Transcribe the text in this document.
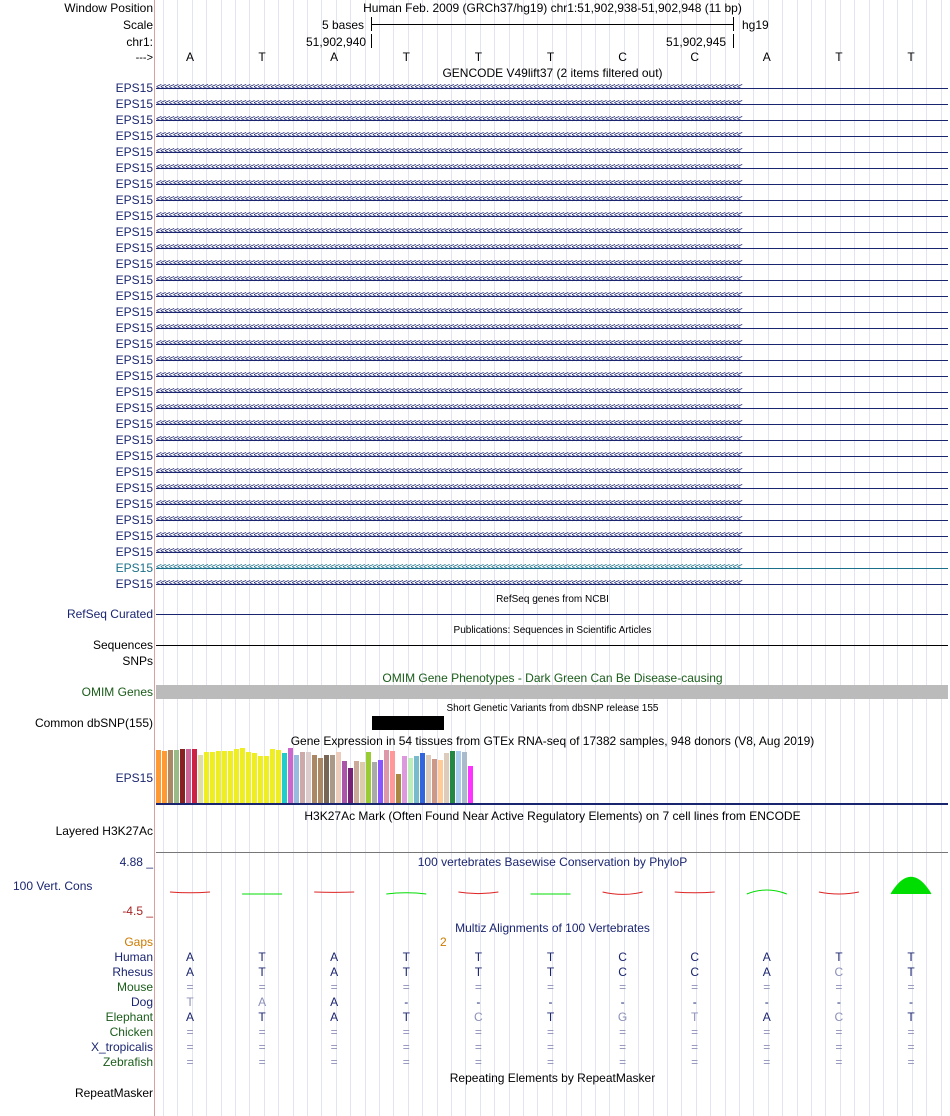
Window Position
Scale
chr1:
--->
Human Feb. 2009 (GRCh37/hg19) chr1:51,902,938-51,902,948 (11 bp)
5 bases	hg19
51,902,940	51,902,945
A	T	A	T	T	T	C	C	A	T	T
GENCODE V49lift37 (2 items filtered out)
EPS15 <<<<<<<<<<<<<<<<<<<<<<<<<<<<<<<<<<<<<<<<<<<<<<<<<<<<<<<<<<<<<<<<<<<<<<<<<<<<<<<<<<<<<<<<<<<<<<<<<<<<<<<<<<<<<<<<<<<<<<<<<<<<<<<<<<<<<<<<<<
EPS15 <<<<<<<<<<<<<<<<<<<<<<<<<<<<<<<<<<<<<<<<<<<<<<<<<<<<<<<<<<<<<<<<<<<<<<<<<<<<<<<<<<<<<<<<<<<<<<<<<<<<<<<<<<<<<<<<<<<<<<<<<<<<<<<<<<<<<<<<<<
EPS15 <<<<<<<<<<<<<<<<<<<<<<<<<<<<<<<<<<<<<<<<<<<<<<<<<<<<<<<<<<<<<<<<<<<<<<<<<<<<<<<<<<<<<<<<<<<<<<<<<<<<<<<<<<<<<<<<<<<<<<<<<<<<<<<<<<<<<<<<<<
EPS15 <<<<<<<<<<<<<<<<<<<<<<<<<<<<<<<<<<<<<<<<<<<<<<<<<<<<<<<<<<<<<<<<<<<<<<<<<<<<<<<<<<<<<<<<<<<<<<<<<<<<<<<<<<<<<<<<<<<<<<<<<<<<<<<<<<<<<<<<<<
EPS15 <<<<<<<<<<<<<<<<<<<<<<<<<<<<<<<<<<<<<<<<<<<<<<<<<<<<<<<<<<<<<<<<<<<<<<<<<<<<<<<<<<<<<<<<<<<<<<<<<<<<<<<<<<<<<<<<<<<<<<<<<<<<<<<<<<<<<<<<<<
EPS15 <<<<<<<<<<<<<<<<<<<<<<<<<<<<<<<<<<<<<<<<<<<<<<<<<<<<<<<<<<<<<<<<<<<<<<<<<<<<<<<<<<<<<<<<<<<<<<<<<<<<<<<<<<<<<<<<<<<<<<<<<<<<<<<<<<<<<<<<<<
EPS15 <<<<<<<<<<<<<<<<<<<<<<<<<<<<<<<<<<<<<<<<<<<<<<<<<<<<<<<<<<<<<<<<<<<<<<<<<<<<<<<<<<<<<<<<<<<<<<<<<<<<<<<<<<<<<<<<<<<<<<<<<<<<<<<<<<<<<<<<<<
EPS15 <<<<<<<<<<<<<<<<<<<<<<<<<<<<<<<<<<<<<<<<<<<<<<<<<<<<<<<<<<<<<<<<<<<<<<<<<<<<<<<<<<<<<<<<<<<<<<<<<<<<<<<<<<<<<<<<<<<<<<<<<<<<<<<<<<<<<<<<<<
EPS15 <<<<<<<<<<<<<<<<<<<<<<<<<<<<<<<<<<<<<<<<<<<<<<<<<<<<<<<<<<<<<<<<<<<<<<<<<<<<<<<<<<<<<<<<<<<<<<<<<<<<<<<<<<<<<<<<<<<<<<<<<<<<<<<<<<<<<<<<<<
EPS15 <<<<<<<<<<<<<<<<<<<<<<<<<<<<<<<<<<<<<<<<<<<<<<<<<<<<<<<<<<<<<<<<<<<<<<<<<<<<<<<<<<<<<<<<<<<<<<<<<<<<<<<<<<<<<<<<<<<<<<<<<<<<<<<<<<<<<<<<<<
EPS15 <<<<<<<<<<<<<<<<<<<<<<<<<<<<<<<<<<<<<<<<<<<<<<<<<<<<<<<<<<<<<<<<<<<<<<<<<<<<<<<<<<<<<<<<<<<<<<<<<<<<<<<<<<<<<<<<<<<<<<<<<<<<<<<<<<<<<<<<<<
EPS15 <<<<<<<<<<<<<<<<<<<<<<<<<<<<<<<<<<<<<<<<<<<<<<<<<<<<<<<<<<<<<<<<<<<<<<<<<<<<<<<<<<<<<<<<<<<<<<<<<<<<<<<<<<<<<<<<<<<<<<<<<<<<<<<<<<<<<<<<<<
EPS15 <<<<<<<<<<<<<<<<<<<<<<<<<<<<<<<<<<<<<<<<<<<<<<<<<<<<<<<<<<<<<<<<<<<<<<<<<<<<<<<<<<<<<<<<<<<<<<<<<<<<<<<<<<<<<<<<<<<<<<<<<<<<<<<<<<<<<<<<<<
EPS15 <<<<<<<<<<<<<<<<<<<<<<<<<<<<<<<<<<<<<<<<<<<<<<<<<<<<<<<<<<<<<<<<<<<<<<<<<<<<<<<<<<<<<<<<<<<<<<<<<<<<<<<<<<<<<<<<<<<<<<<<<<<<<<<<<<<<<<<<<<
EPS15 <<<<<<<<<<<<<<<<<<<<<<<<<<<<<<<<<<<<<<<<<<<<<<<<<<<<<<<<<<<<<<<<<<<<<<<<<<<<<<<<<<<<<<<<<<<<<<<<<<<<<<<<<<<<<<<<<<<<<<<<<<<<<<<<<<<<<<<<<<
EPS15 <<<<<<<<<<<<<<<<<<<<<<<<<<<<<<<<<<<<<<<<<<<<<<<<<<<<<<<<<<<<<<<<<<<<<<<<<<<<<<<<<<<<<<<<<<<<<<<<<<<<<<<<<<<<<<<<<<<<<<<<<<<<<<<<<<<<<<<<<<
EPS15 <<<<<<<<<<<<<<<<<<<<<<<<<<<<<<<<<<<<<<<<<<<<<<<<<<<<<<<<<<<<<<<<<<<<<<<<<<<<<<<<<<<<<<<<<<<<<<<<<<<<<<<<<<<<<<<<<<<<<<<<<<<<<<<<<<<<<<<<<<
EPS15 <<<<<<<<<<<<<<<<<<<<<<<<<<<<<<<<<<<<<<<<<<<<<<<<<<<<<<<<<<<<<<<<<<<<<<<<<<<<<<<<<<<<<<<<<<<<<<<<<<<<<<<<<<<<<<<<<<<<<<<<<<<<<<<<<<<<<<<<<<
EPS15 <<<<<<<<<<<<<<<<<<<<<<<<<<<<<<<<<<<<<<<<<<<<<<<<<<<<<<<<<<<<<<<<<<<<<<<<<<<<<<<<<<<<<<<<<<<<<<<<<<<<<<<<<<<<<<<<<<<<<<<<<<<<<<<<<<<<<<<<<<
EPS15 <<<<<<<<<<<<<<<<<<<<<<<<<<<<<<<<<<<<<<<<<<<<<<<<<<<<<<<<<<<<<<<<<<<<<<<<<<<<<<<<<<<<<<<<<<<<<<<<<<<<<<<<<<<<<<<<<<<<<<<<<<<<<<<<<<<<<<<<<<
EPS15 <<<<<<<<<<<<<<<<<<<<<<<<<<<<<<<<<<<<<<<<<<<<<<<<<<<<<<<<<<<<<<<<<<<<<<<<<<<<<<<<<<<<<<<<<<<<<<<<<<<<<<<<<<<<<<<<<<<<<<<<<<<<<<<<<<<<<<<<<<
EPS15 <<<<<<<<<<<<<<<<<<<<<<<<<<<<<<<<<<<<<<<<<<<<<<<<<<<<<<<<<<<<<<<<<<<<<<<<<<<<<<<<<<<<<<<<<<<<<<<<<<<<<<<<<<<<<<<<<<<<<<<<<<<<<<<<<<<<<<<<<<
EPS15 <<<<<<<<<<<<<<<<<<<<<<<<<<<<<<<<<<<<<<<<<<<<<<<<<<<<<<<<<<<<<<<<<<<<<<<<<<<<<<<<<<<<<<<<<<<<<<<<<<<<<<<<<<<<<<<<<<<<<<<<<<<<<<<<<<<<<<<<<<
EPS15 <<<<<<<<<<<<<<<<<<<<<<<<<<<<<<<<<<<<<<<<<<<<<<<<<<<<<<<<<<<<<<<<<<<<<<<<<<<<<<<<<<<<<<<<<<<<<<<<<<<<<<<<<<<<<<<<<<<<<<<<<<<<<<<<<<<<<<<<<<
EPS15 <<<<<<<<<<<<<<<<<<<<<<<<<<<<<<<<<<<<<<<<<<<<<<<<<<<<<<<<<<<<<<<<<<<<<<<<<<<<<<<<<<<<<<<<<<<<<<<<<<<<<<<<<<<<<<<<<<<<<<<<<<<<<<<<<<<<<<<<<<
EPS15 <<<<<<<<<<<<<<<<<<<<<<<<<<<<<<<<<<<<<<<<<<<<<<<<<<<<<<<<<<<<<<<<<<<<<<<<<<<<<<<<<<<<<<<<<<<<<<<<<<<<<<<<<<<<<<<<<<<<<<<<<<<<<<<<<<<<<<<<<<
EPS15 <<<<<<<<<<<<<<<<<<<<<<<<<<<<<<<<<<<<<<<<<<<<<<<<<<<<<<<<<<<<<<<<<<<<<<<<<<<<<<<<<<<<<<<<<<<<<<<<<<<<<<<<<<<<<<<<<<<<<<<<<<<<<<<<<<<<<<<<<<
EPS15 <<<<<<<<<<<<<<<<<<<<<<<<<<<<<<<<<<<<<<<<<<<<<<<<<<<<<<<<<<<<<<<<<<<<<<<<<<<<<<<<<<<<<<<<<<<<<<<<<<<<<<<<<<<<<<<<<<<<<<<<<<<<<<<<<<<<<<<<<<
EPS15 <<<<<<<<<<<<<<<<<<<<<<<<<<<<<<<<<<<<<<<<<<<<<<<<<<<<<<<<<<<<<<<<<<<<<<<<<<<<<<<<<<<<<<<<<<<<<<<<<<<<<<<<<<<<<<<<<<<<<<<<<<<<<<<<<<<<<<<<<<
EPS15 <<<<<<<<<<<<<<<<<<<<<<<<<<<<<<<<<<<<<<<<<<<<<<<<<<<<<<<<<<<<<<<<<<<<<<<<<<<<<<<<<<<<<<<<<<<<<<<<<<<<<<<<<<<<<<<<<<<<<<<<<<<<<<<<<<<<<<<<<<
EPS15 <<<<<<<<<<<<<<<<<<<<<<<<<<<<<<<<<<<<<<<<<<<<<<<<<<<<<<<<<<<<<<<<<<<<<<<<<<<<<<<<<<<<<<<<<<<<<<<<<<<<<<<<<<<<<<<<<<<<<<<<<<<<<<<<<<<<<<<<<<
EPS15 <<<<<<<<<<<<<<<<<<<<<<<<<<<<<<<<<<<<<<<<<<<<<<<<<<<<<<<<<<<<<<<<<<<<<<<<<<<<<<<<<<<<<<<<<<<<<<<<<<<<<<<<<<<<<<<<<<<<<<<<<<<<<<<<<<<<<<<<<<
RefSeq genes from NCBI
RefSeq Curated
Publications: Sequences in Scientific Articles
Sequences
SNPs
OMIM Gene Phenotypes - Dark Green Can Be Disease-causing
OMIM Genes
Short Genetic Variants from dbSNP release 155
Common dbSNP(155)
Gene Expression in 54 tissues from GTEx RNA-seq of 17382 samples, 948 donors (V8, Aug 2019)
EPS15
H3K27Ac Mark (Often Found Near Active Regulatory Elements) on 7 cell lines from ENCODE
Layered H3K27Ac
100 vertebrates Basewise Conservation by PhyloP
4.88 _
100 Vert. Cons
-4.5 _
Multiz Alignments of 100 Vertebrates
Gaps	2
Human	A	T	A	T	T	T	C	C	A	T	T
Rhesus	A	T	A	T	T	T	C	C	A	C	T
Mouse	=	=	=	=	=	=	=	=	=	=	=
Dog	T	A	A	-	-	-	-	-	-	-	-
Elephant	A	T	A	T	C	T	G	T	A	C	T
Chicken	=	=	=	=	=	=	=	=	=	=	=
X_tropicalis	=	=	=	=	=	=	=	=	=	=	=
Zebrafish	=	=	=	=	=	=	=	=	=	=	=
Repeating Elements by RepeatMasker
RepeatMasker
